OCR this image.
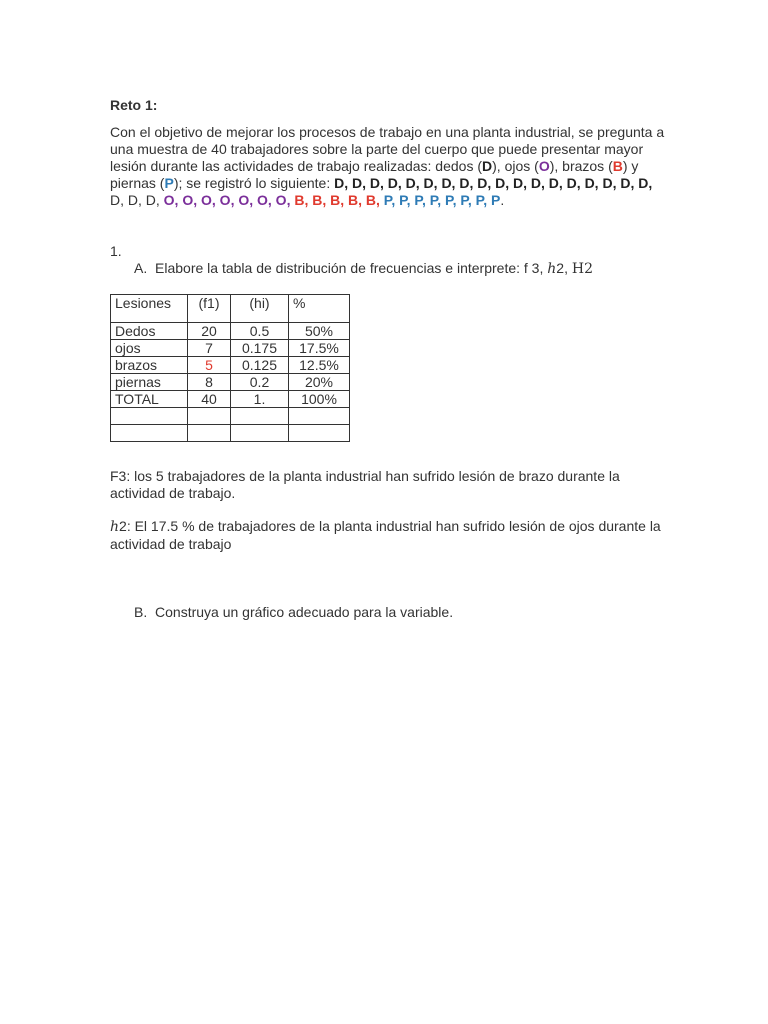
Reto 1:
Con el objetivo de mejorar los procesos de trabajo en una planta industrial, se pregunta a una muestra de 40 trabajadores sobre la parte del cuerpo que puede presentar mayor lesión durante las actividades de trabajo realizadas: dedos (D), ojos (O), brazos (B) y piernas (P); se registró lo siguiente: D, D, D, D, D, D, D, D, D, D, D, D, D, D, D, D, D, D, D, D, D, O, O, O, O, O, O, O, B, B, B, B, B, P, P, P, P, P, P, P, P.
1.
A. Elabore la tabla de distribución de frecuencias e interprete: f 3, ℎ2, H2
Lesiones	(f1)	(hi)	%
Dedos	20	0.5	50%
ojos	7	0.175	17.5%
brazos	5	0.125	12.5%
piernas	8	0.2	20%
TOTAL	40	1.	100%

F3: los 5 trabajadores de la planta industrial han sufrido lesión de brazo durante la actividad de trabajo.
ℎ2: El 17.5 % de trabajadores de la planta industrial han sufrido lesión de ojos durante la actividad de trabajo
B. Construya un gráfico adecuado para la variable.
